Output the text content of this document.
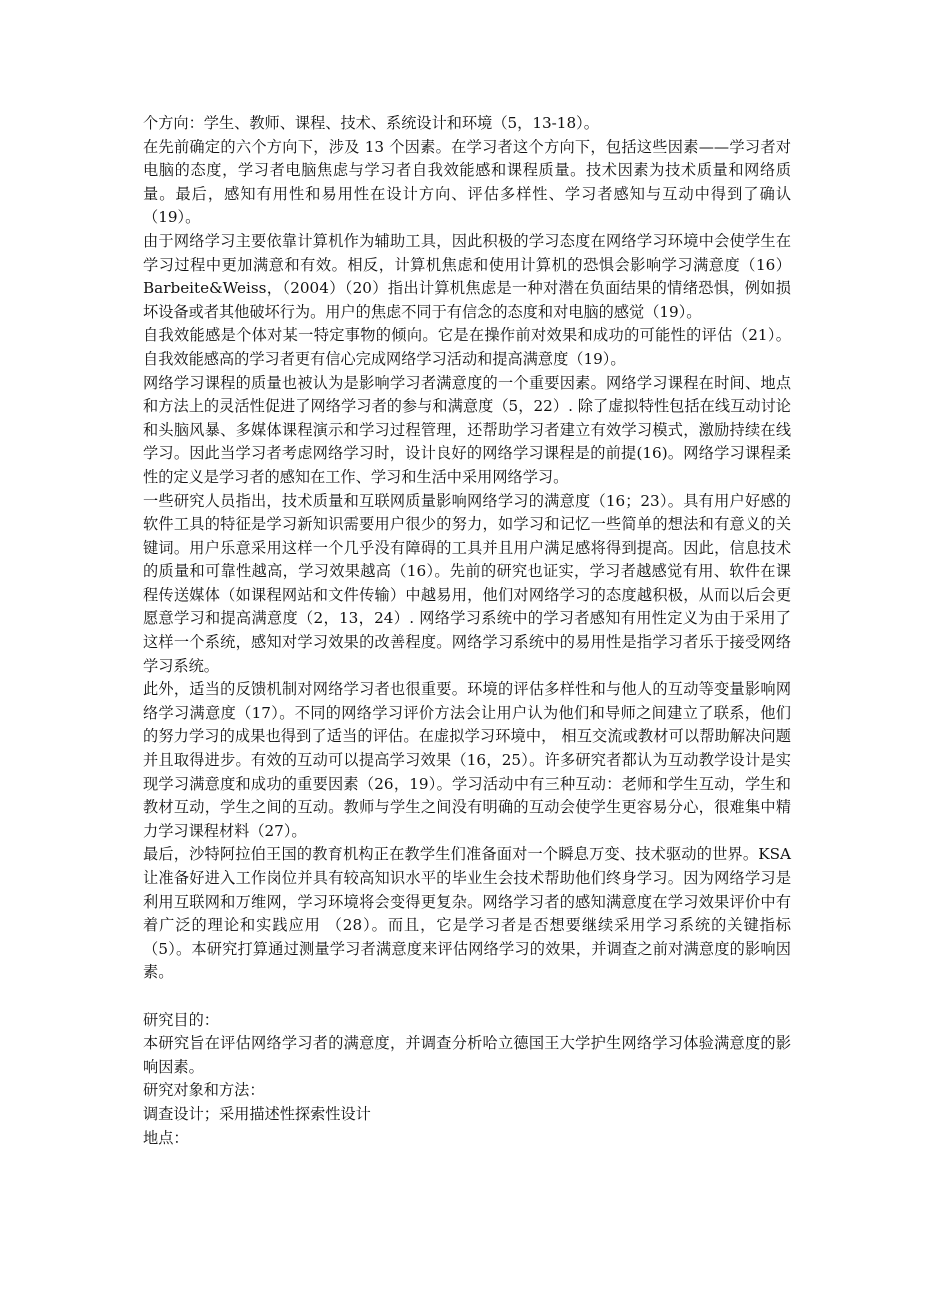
个方向：学生、教师、课程、技术、系统设计和环境（5，13-18）。

在先前确定的六个方向下，涉及 13 个因素。在学习者这个方向下，包括这些因素——学习者对电脑的态度，学习者电脑焦虑与学习者自我效能感和课程质量。技术因素为技术质量和网络质量。最后，感知有用性和易用性在设计方向、评估多样性、学习者感知与互动中得到了确认 （19）。

由于网络学习主要依靠计算机作为辅助工具，因此积极的学习态度在网络学习环境中会使学生在学习过程中更加满意和有效。相反，计算机焦虑和使用计算机的恐惧会影响学习满意度（16）Barbeite&Weiss，（2004）（20）指出计算机焦虑是一种对潜在负面结果的情绪恐惧，例如损坏设备或者其他破坏行为。用户的焦虑不同于有信念的态度和对电脑的感觉（19）。

自我效能感是个体对某一特定事物的倾向。它是在操作前对效果和成功的可能性的评估（21）。自我效能感高的学习者更有信心完成网络学习活动和提高满意度（19）。

网络学习课程的质量也被认为是影响学习者满意度的一个重要因素。网络学习课程在时间、地点和方法上的灵活性促进了网络学习者的参与和满意度（5，22）. 除了虚拟特性包括在线互动讨论和头脑风暴、多媒体课程演示和学习过程管理，还帮助学习者建立有效学习模式，激励持续在线学习。因此当学习者考虑网络学习时，设计良好的网络学习课程是的前提(16)。网络学习课程柔性的定义是学习者的感知在工作、学习和生活中采用网络学习。

一些研究人员指出，技术质量和互联网质量影响网络学习的满意度（16；23）。具有用户好感的软件工具的特征是学习新知识需要用户很少的努力，如学习和记忆一些简单的想法和有意义的关键词。用户乐意采用这样一个几乎没有障碍的工具并且用户满足感将得到提高。因此，信息技术的质量和可靠性越高，学习效果越高（16）。先前的研究也证实，学习者越感觉有用、软件在课程传送媒体（如课程网站和文件传输）中越易用，他们对网络学习的态度越积极，从而以后会更愿意学习和提高满意度（2，13，24）. 网络学习系统中的学习者感知有用性定义为由于采用了这样一个系统，感知对学习效果的改善程度。网络学习系统中的易用性是指学习者乐于接受网络学习系统。

此外，适当的反馈机制对网络学习者也很重要。环境的评估多样性和与他人的互动等变量影响网络学习满意度（17）。不同的网络学习评价方法会让用户认为他们和导师之间建立了联系，他们的努力学习的成果也得到了适当的评估。在虚拟学习环境中， 相互交流或教材可以帮助解决问题并且取得进步。有效的互动可以提高学习效果（16，25）。许多研究者都认为互动教学设计是实现学习满意度和成功的重要因素（26，19）。学习活动中有三种互动：老师和学生互动，学生和教材互动，学生之间的互动。教师与学生之间没有明确的互动会使学生更容易分心，很难集中精力学习课程材料（27）。

最后，沙特阿拉伯王国的教育机构正在教学生们准备面对一个瞬息万变、技术驱动的世界。KSA 让准备好进入工作岗位并具有较高知识水平的毕业生会技术帮助他们终身学习。因为网络学习是利用互联网和万维网，学习环境将会变得更复杂。网络学习者的感知满意度在学习效果评价中有着广泛的理论和实践应用 （28）。而且，它是学习者是否想要继续采用学习系统的关键指标（5）。本研究打算通过测量学习者满意度来评估网络学习的效果，并调查之前对满意度的影响因素。

研究目的：

本研究旨在评估网络学习者的满意度，并调查分析哈立德国王大学护生网络学习体验满意度的影响因素。

研究对象和方法：

调查设计；采用描述性探索性设计

地点：
